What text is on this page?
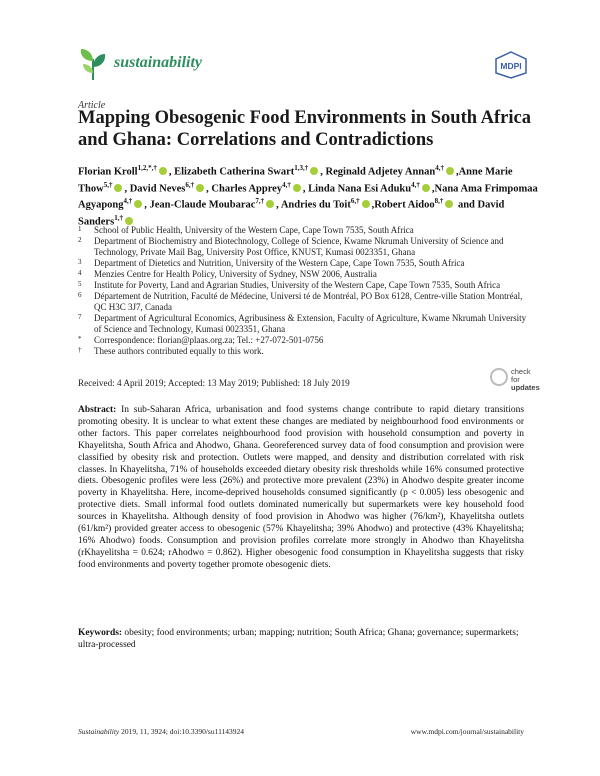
sustainability	MDPI
Article
Mapping Obesogenic Food Environments in South Africa and Ghana: Correlations and Contradictions
Florian Kroll$^{1,2,*,\dagger}$ , Elizabeth Catherina Swart$^{1,3,\dagger}$ , Reginald Adjetey Annan$^{4,\dagger}$ ,Anne Marie Thow$^{5,\dagger}$ , David Neves$^{6,\dagger}$ , Charles Apprey$^{4,\dagger}$ , Linda Nana Esi Aduku$^{4,\dagger}$ ,Nana Ama Frimpomaa Agyapong$^{4,\dagger}$ , Jean-Claude Moubarac$^{7,\dagger}$ , Andries du Toit$^{6,\dagger}$ ,Robert Aidoo$^{8,\dagger}$ and David Sanders$^{1,\dagger}$
1	School of Public Health, University of the Western Cape, Cape Town 7535, South Africa
2	Department of Biochemistry and Biotechnology, College of Science, Kwame Nkrumah University of Science and Technology, Private Mail Bag, University Post Office, KNUST, Kumasi 0023351, Ghana
3	Department of Dietetics and Nutrition, University of the Western Cape, Cape Town 7535, South Africa
4	Menzies Centre for Health Policy, University of Sydney, NSW 2006, Australia
5	Institute for Poverty, Land and Agrarian Studies, University of the Western Cape, Cape Town 7535, South Africa
6	Département de Nutrition, Faculté de Médecine, Universi té de Montréal, PO Box 6128, Centre-ville Station Montréal, QC H3C 3J7, Canada
7	Department of Agricultural Economics, Agribusiness & Extension, Faculty of Agriculture, Kwame Nkrumah University of Science and Technology, Kumasi 0023351, Ghana
*	Correspondence: florian@plaas.org.za; Tel.: +27-072-501-0756
†	These authors contributed equally to this work.
Received: 4 April 2019; Accepted: 13 May 2019; Published: 18 July 2019
check for
updates
Abstract: In sub-Saharan Africa, urbanisation and food systems change contribute to rapid dietary transitions promoting obesity. It is unclear to what extent these changes are mediated by neighbourhood food environments or other factors. This paper correlates neighbourhood food provision with household consumption and poverty in Khayelitsha, South Africa and Ahodwo, Ghana. Georeferenced survey data of food consumption and provision were classified by obesity risk and protection. Outlets were mapped, and density and distribution correlated with risk classes. In Khayelitsha, 71% of households exceeded dietary obesity risk thresholds while 16% consumed protective diets. Obesogenic profiles were less (26%) and protective more prevalent (23%) in Ahodwo despite greater income poverty in Khayelitsha. Here, income-deprived households consumed significantly (p < 0.005) less obesogenic and protective diets. Small informal food outlets dominated numerically but supermarkets were key household food sources in Khayelitsha. Although density of food provision in Ahodwo was higher (76/km²), Khayelitsha outlets (61/km²) provided greater access to obesogenic (57% Khayelitsha; 39% Ahodwo) and protective (43% Khayelitsha; 16% Ahodwo) foods. Consumption and provision profiles correlate more strongly in Ahodwo than Khayelitsha (rKhayelitsha = 0.624; rAhodwo = 0.862). Higher obesogenic food consumption in Khayelitsha suggests that risky food environments and poverty together promote obesogenic diets.
Keywords: obesity; food environments; urban; mapping; nutrition; South Africa; Ghana; governance; supermarkets; ultra-processed
Sustainability 2019, 11, 3924; doi:10.3390/su11143924	www.mdpi.com/journal/sustainability
